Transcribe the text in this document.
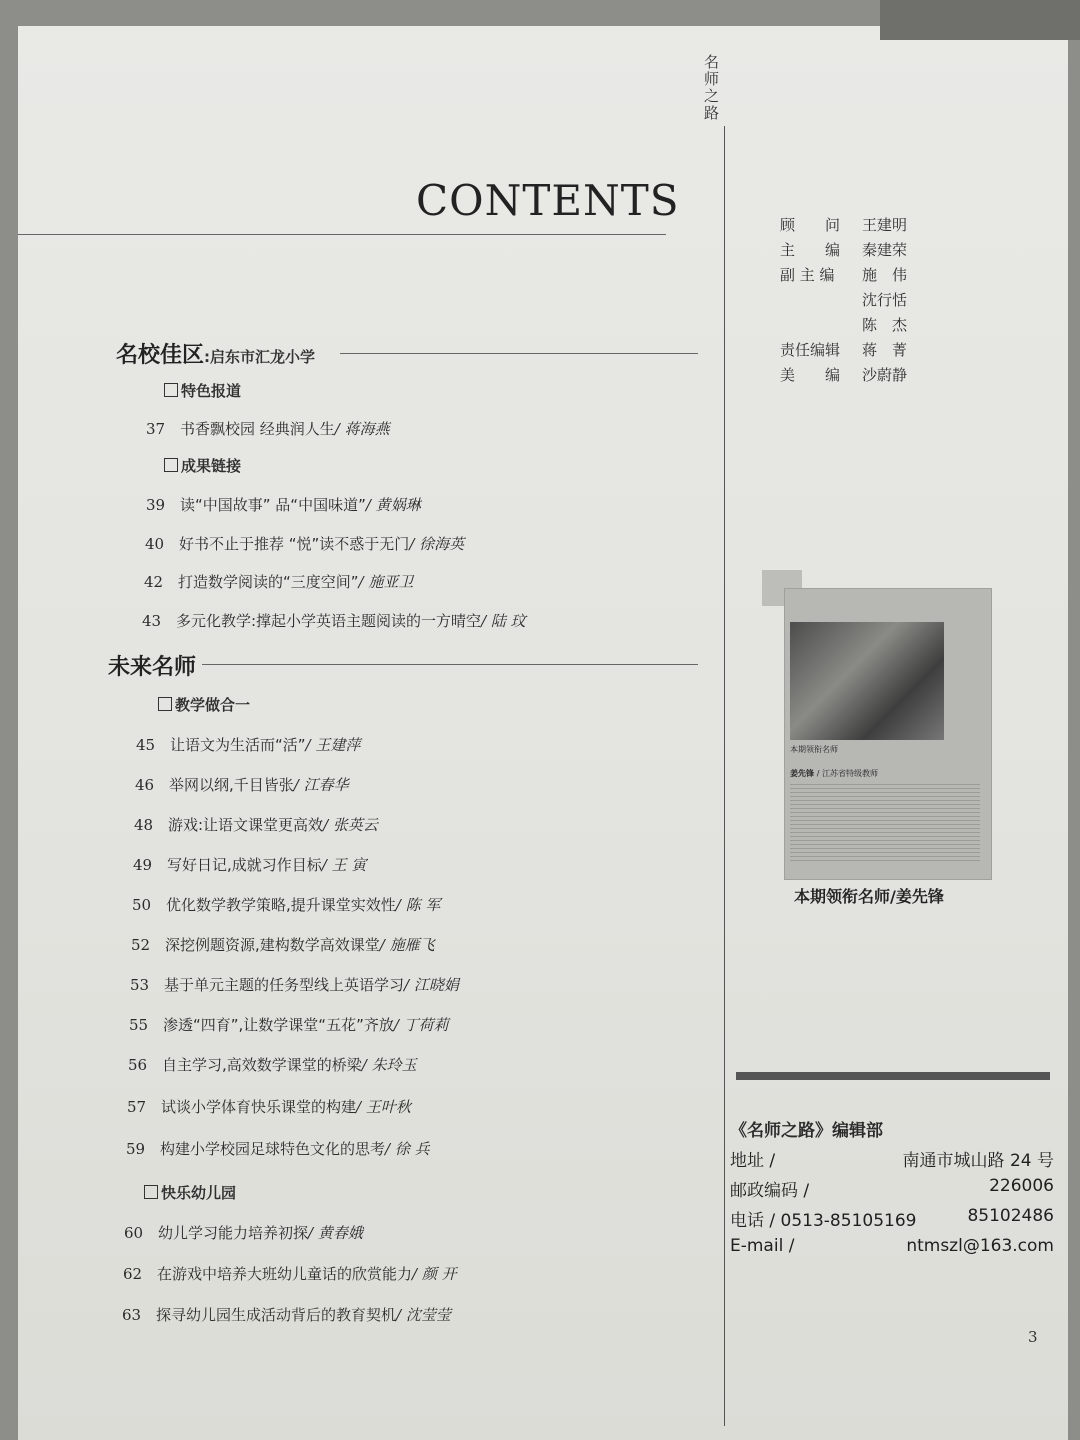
名师之路
CONTENTS
名校佳区:启东市汇龙小学
特色报道
37 书香飘校园 经典润人生/ 蒋海燕
成果链接
39 读“中国故事” 品“中国味道”/ 黄娲琳
40 好书不止于推荐 “悦”读不惑于无门/ 徐海英
42 打造数学阅读的“三度空间”/ 施亚卫
43 多元化教学:撑起小学英语主题阅读的一方晴空/ 陆 玟
未来名师
教学做合一
45 让语文为生活而“活”/ 王建萍
46 举网以纲,千目皆张/ 江春华
48 游戏:让语文课堂更高效/ 张英云
49 写好日记,成就习作目标/ 王 寅
50 优化数学教学策略,提升课堂实效性/ 陈 军
52 深挖例题资源,建构数学高效课堂/ 施雁飞
53 基于单元主题的任务型线上英语学习/ 江晓娟
55 渗透“四育”,让数学课堂“五花”齐放/ 丁荷莉
56 自主学习,高效数学课堂的桥梁/ 朱玲玉
57 试谈小学体育快乐课堂的构建/ 王叶秋
59 构建小学校园足球特色文化的思考/ 徐 兵
快乐幼儿园
60 幼儿学习能力培养初探/ 黄春娥
62 在游戏中培养大班幼儿童话的欣赏能力/ 颜 开
63 探寻幼儿园生成活动背后的教育契机/ 沈莹莹
顾　　问 王建明
主　　编 秦建荣
副 主 编 施　伟
沈行恬
陈　杰
责任编辑 蒋　菁
美　　编 沙蔚静
本期领衔名师
姜先锋 / 江苏省特级教师
本期领衔名师/姜先锋
《名师之路》编辑部
地址 /	南通市城山路 24 号
邮政编码 /	226006
电话 / 0513-85105169	85102486
E-mail /	ntmszl@163.com
3
